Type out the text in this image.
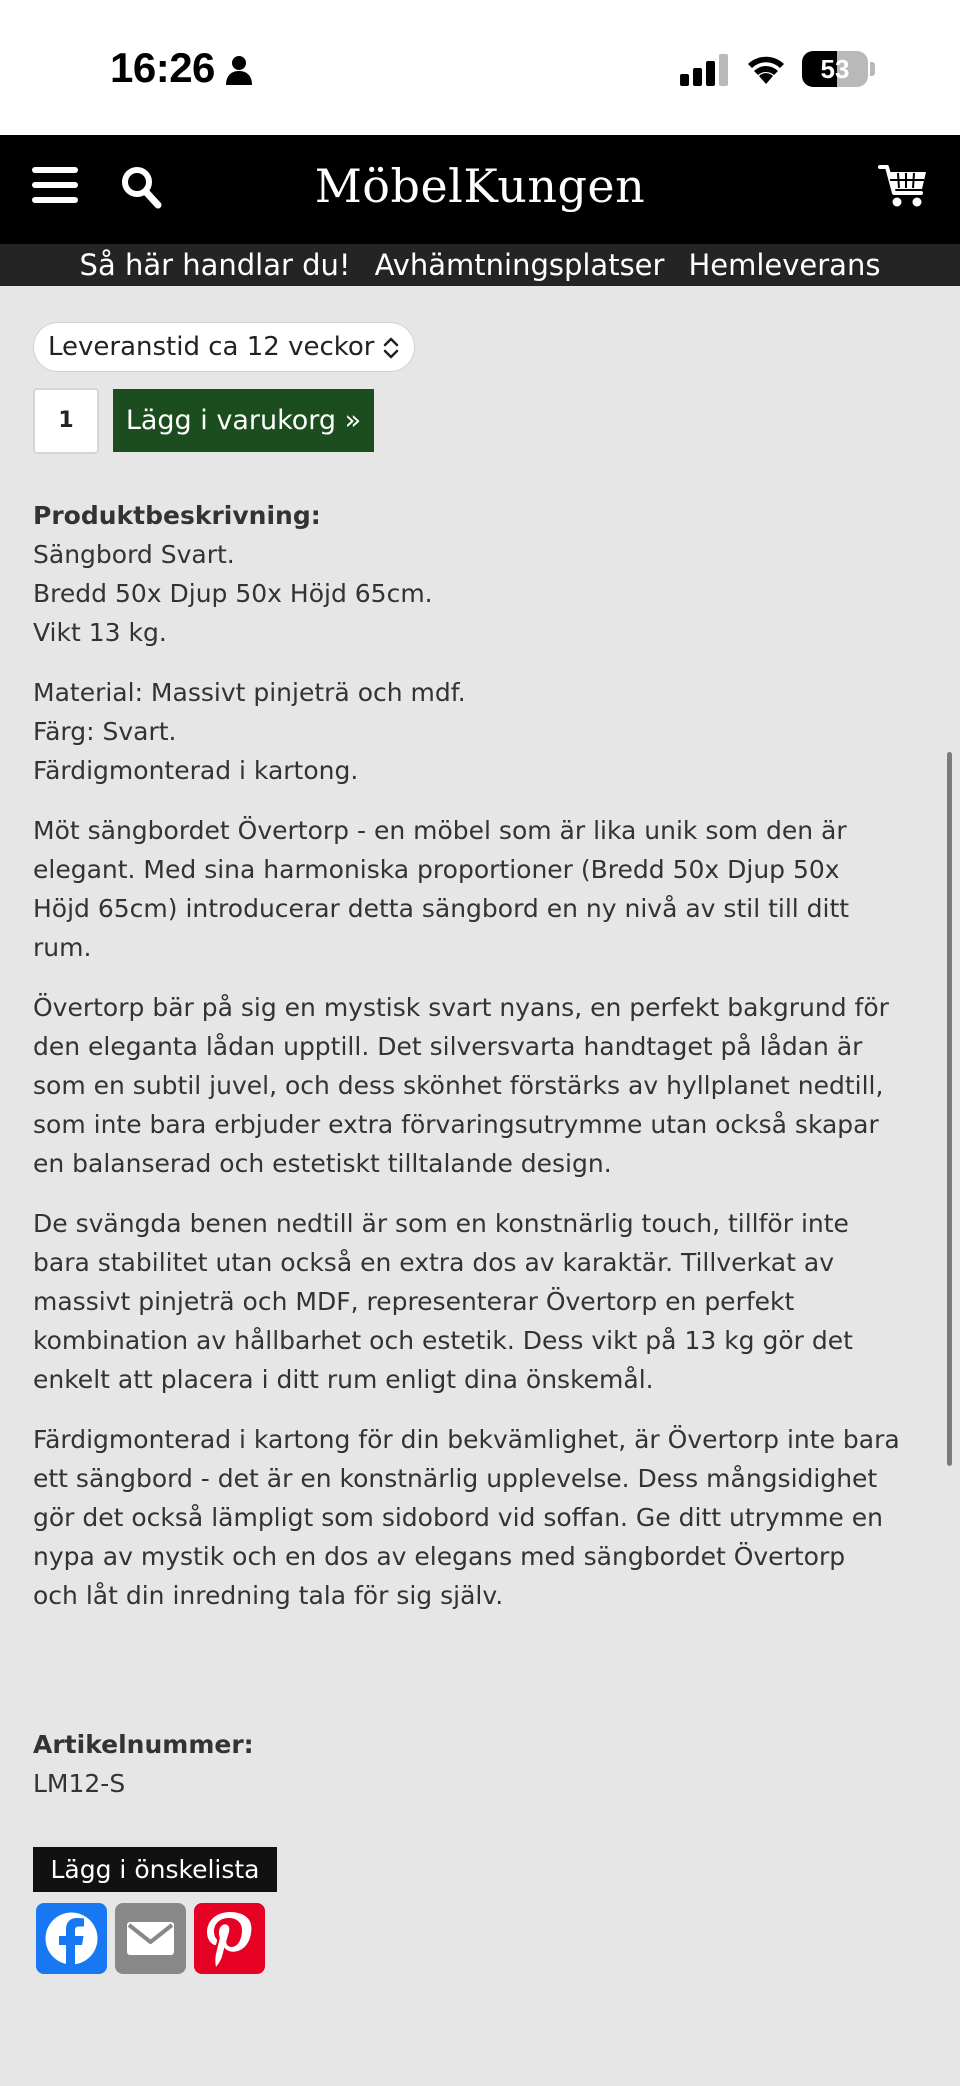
16:26	53
MöbelKungen
Så här handlar du! Avhämtningsplatser Hemleverans
Leveranstid ca 12 veckor
1	Lägg i varukorg »

Produktbeskrivning:
Sängbord Svart.
Bredd 50x Djup 50x Höjd 65cm.
Vikt 13 kg.

Material: Massivt pinjeträ och mdf.
Färg: Svart.
Färdigmonterad i kartong.

Möt sängbordet Övertorp - en möbel som är lika unik som den är
elegant. Med sina harmoniska proportioner (Bredd 50x Djup 50x
Höjd 65cm) introducerar detta sängbord en ny nivå av stil till ditt
rum.

Övertorp bär på sig en mystisk svart nyans, en perfekt bakgrund för
den eleganta lådan upptill. Det silversvarta handtaget på lådan är
som en subtil juvel, och dess skönhet förstärks av hyllplanet nedtill,
som inte bara erbjuder extra förvaringsutrymme utan också skapar
en balanserad och estetiskt tilltalande design.

De svängda benen nedtill är som en konstnärlig touch, tillför inte
bara stabilitet utan också en extra dos av karaktär. Tillverkat av
massivt pinjeträ och MDF, representerar Övertorp en perfekt
kombination av hållbarhet och estetik. Dess vikt på 13 kg gör det
enkelt att placera i ditt rum enligt dina önskemål.

Färdigmonterad i kartong för din bekvämlighet, är Övertorp inte bara
ett sängbord - det är en konstnärlig upplevelse. Dess mångsidighet
gör det också lämpligt som sidobord vid soffan. Ge ditt utrymme en
nypa av mystik och en dos av elegans med sängbordet Övertorp
och låt din inredning tala för sig själv.

Artikelnummer:
LM12-S
Lägg i önskelista
